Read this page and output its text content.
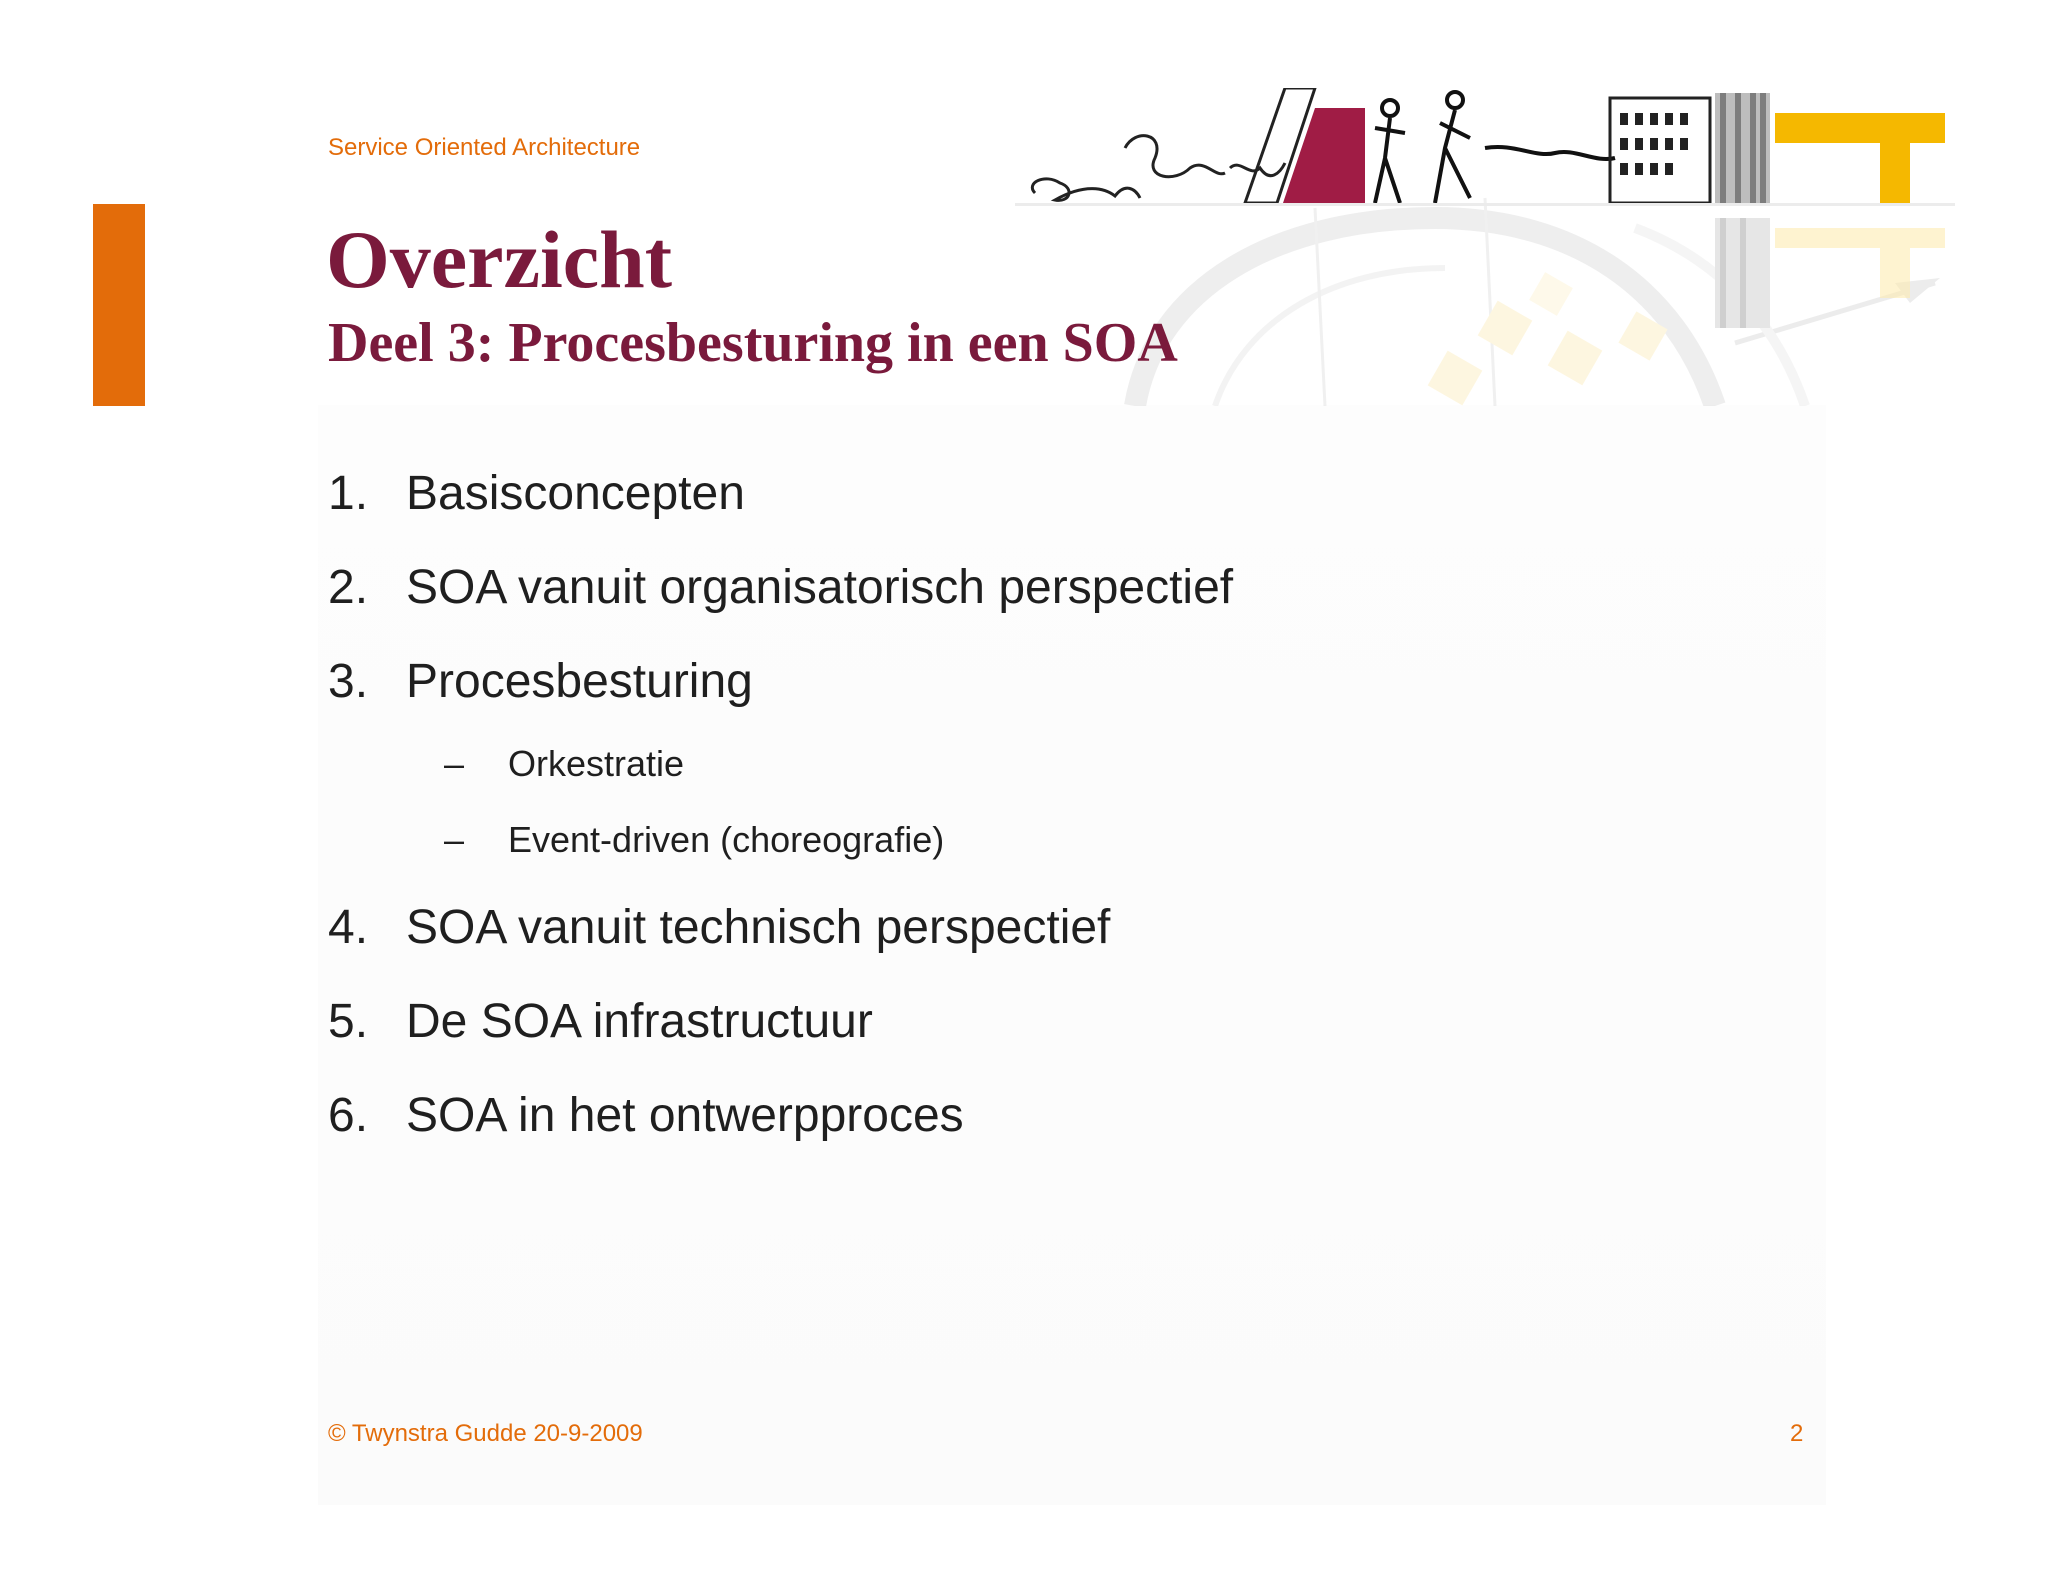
Service Oriented Architecture

Overzicht
Deel 3: Procesbesturing in een SOA
1. Basisconcepten
2. SOA vanuit organisatorisch perspectief
3. Procesbesturing
– Orkestratie
– Event-driven (choreografie)
4. SOA vanuit technisch perspectief
5. De SOA infrastructuur
6. SOA in het ontwerpproces

© Twynstra Gudde 20-9-2009	2
